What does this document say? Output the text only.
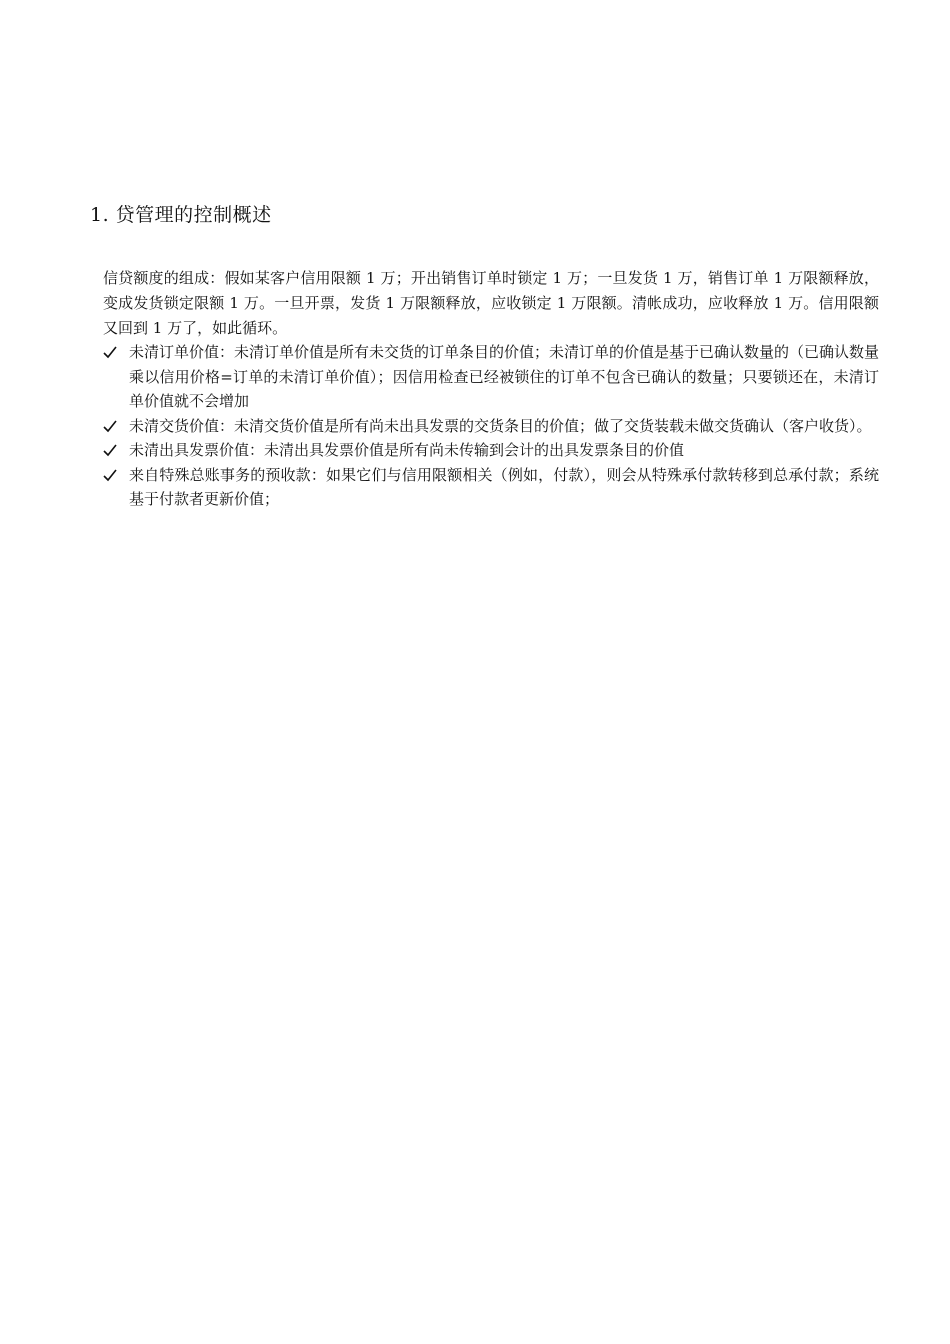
1. 贷管理的控制概述
信贷额度的组成：假如某客户信用限额 1 万；开出销售订单时锁定 1 万；一旦发货 1 万，销售订单 1 万限额释放，变成发货锁定限额 1 万。一旦开票，发货 1 万限额释放，应收锁定 1 万限额。清帐成功，应收释放 1 万。信用限额又回到 1 万了，如此循环。
未清订单价值：未清订单价值是所有未交货的订单条目的价值；未清订单的价值是基于已确认数量的（已确认数量乘以信用价格=订单的未清订单价值）；因信用检查已经被锁住的订单不包含已确认的数量；只要锁还在，未清订单价值就不会增加
未清交货价值：未清交货价值是所有尚未出具发票的交货条目的价值；做了交货装载未做交货确认（客户收货）。
未清出具发票价值：未清出具发票价值是所有尚未传输到会计的出具发票条目的价值
来自特殊总账事务的预收款：如果它们与信用限额相关（例如，付款），则会从特殊承付款转移到总承付款；系统基于付款者更新价值；
